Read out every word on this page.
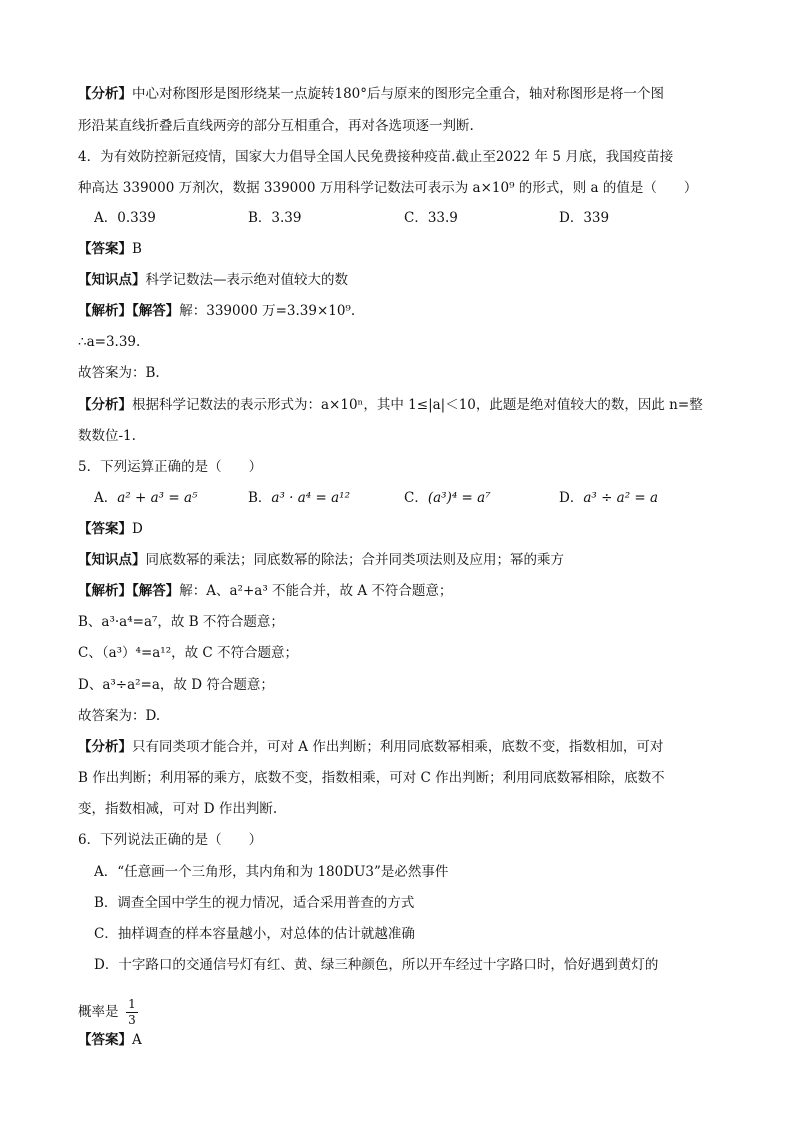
【分析】中心对称图形是图形绕某一点旋转180°后与原来的图形完全重合，轴对称图形是将一个图
形沿某直线折叠后直线两旁的部分互相重合，再对各选项逐一判断.
4．为有效防控新冠疫情，国家大力倡导全国人民免费接种疫苗.截止至2022 年 5 月底，我国疫苗接
种高达 339000 万剂次，数据 339000 万用科学记数法可表示为 a×10⁹ 的形式，则 a 的值是（　　）
A．0.339	B．3.39	C．33.9	D．339
【答案】B
【知识点】科学记数法—表示绝对值较大的数
【解析】【解答】解：339000 万=3.39×10⁹.
∴a=3.39.
故答案为：B.
【分析】根据科学记数法的表示形式为：a×10ⁿ，其中 1≤|a|＜10，此题是绝对值较大的数，因此 n=整
数数位-1.
5．下列运算正确的是（　　）
A．a² + a³ = a⁵	B．a³ · a⁴ = a¹²	C．(a³)⁴ = a⁷	D．a³ ÷ a² = a
【答案】D
【知识点】同底数幂的乘法；同底数幂的除法；合并同类项法则及应用；幂的乘方
【解析】【解答】解：A、a²+a³ 不能合并，故 A 不符合题意；
B、a³·a⁴=a⁷，故 B 不符合题意；
C、（a³）⁴=a¹²，故 C 不符合题意；
D、a³÷a²=a，故 D 符合题意；
故答案为：D.
【分析】只有同类项才能合并，可对 A 作出判断；利用同底数幂相乘，底数不变，指数相加，可对
B 作出判断；利用幂的乘方，底数不变，指数相乘，可对 C 作出判断；利用同底数幂相除，底数不
变，指数相减，可对 D 作出判断.
6．下列说法正确的是（　　）
A．“任意画一个三角形，其内角和为 180DU3”是必然事件
B．调查全国中学生的视力情况，适合采用普查的方式
C．抽样调查的样本容量越小，对总体的估计就越准确
D．十字路口的交通信号灯有红、黄、绿三种颜色，所以开车经过十字路口时，恰好遇到黄灯的
概率是 1
3
【答案】A
